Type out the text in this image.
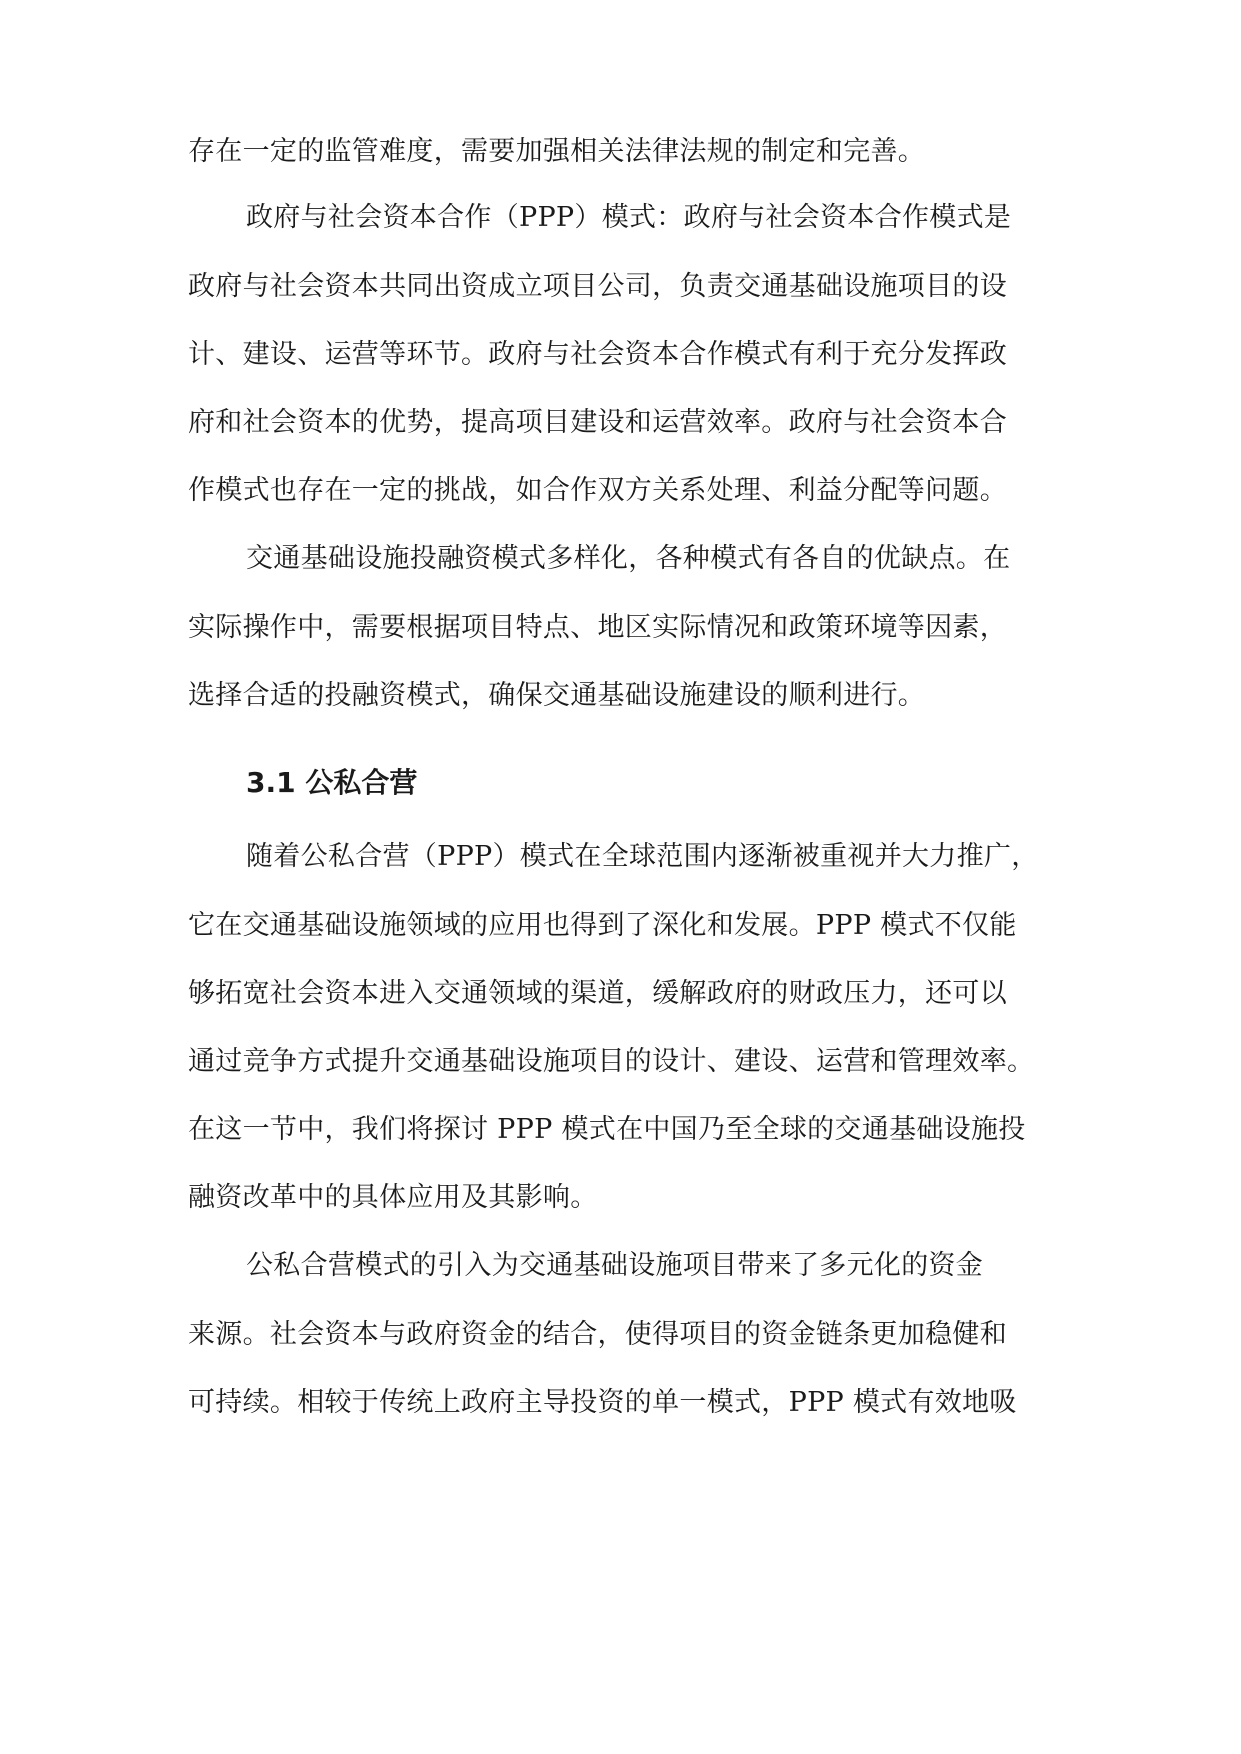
存在一定的监管难度，需要加强相关法律法规的制定和完善。
政府与社会资本合作（PPP）模式：政府与社会资本合作模式是
政府与社会资本共同出资成立项目公司，负责交通基础设施项目的设
计、建设、运营等环节。政府与社会资本合作模式有利于充分发挥政
府和社会资本的优势，提高项目建设和运营效率。政府与社会资本合
作模式也存在一定的挑战，如合作双方关系处理、利益分配等问题。
交通基础设施投融资模式多样化，各种模式有各自的优缺点。在
实际操作中，需要根据项目特点、地区实际情况和政策环境等因素，
选择合适的投融资模式，确保交通基础设施建设的顺利进行。
3.1 公私合营
随着公私合营（PPP）模式在全球范围内逐渐被重视并大力推广，
它在交通基础设施领域的应用也得到了深化和发展。PPP 模式不仅能
够拓宽社会资本进入交通领域的渠道，缓解政府的财政压力，还可以
通过竞争方式提升交通基础设施项目的设计、建设、运营和管理效率。
在这一节中，我们将探讨 PPP 模式在中国乃至全球的交通基础设施投
融资改革中的具体应用及其影响。
公私合营模式的引入为交通基础设施项目带来了多元化的资金
来源。社会资本与政府资金的结合，使得项目的资金链条更加稳健和
可持续。相较于传统上政府主导投资的单一模式，PPP 模式有效地吸
